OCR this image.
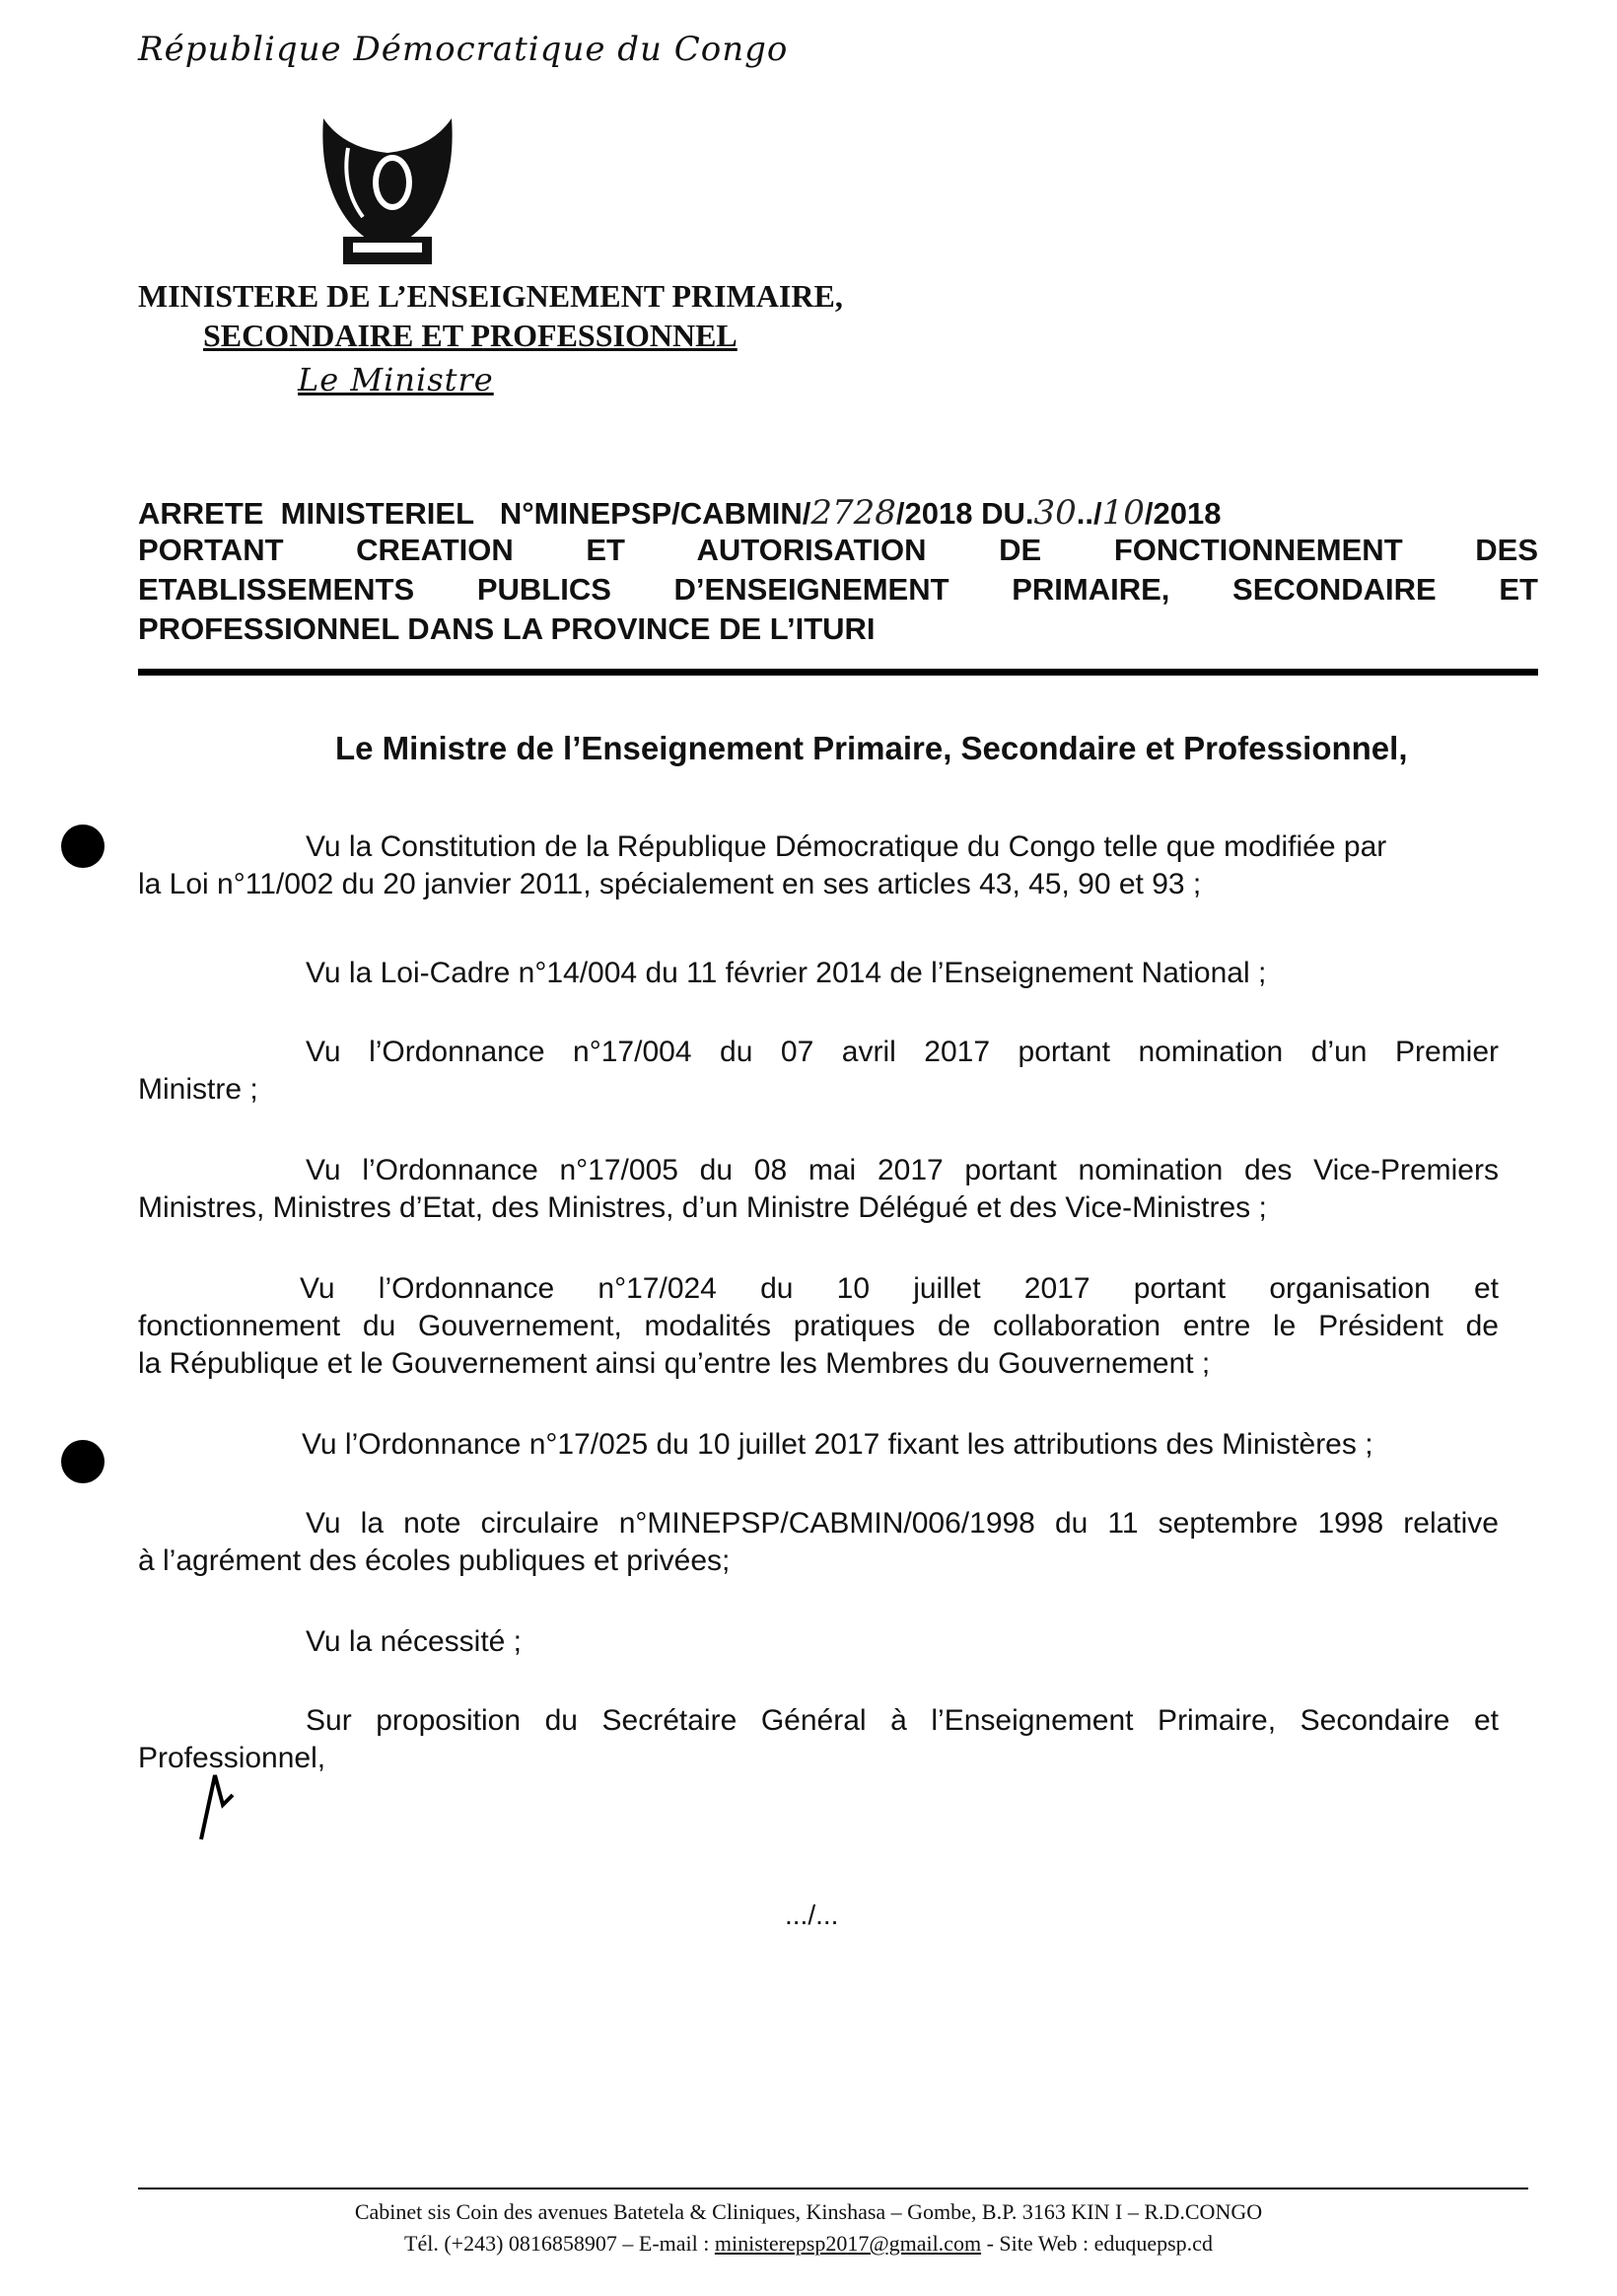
République Démocratique du Congo
MINISTERE DE L’ENSEIGNEMENT PRIMAIRE,
SECONDAIRE ET PROFESSIONNEL
Le Ministre
ARRETE  MINISTERIEL   N°MINEPSP/CABMIN/2728/2018 DU.30../10/2018
PORTANT CREATION ET AUTORISATION DE FONCTIONNEMENT DES
ETABLISSEMENTS PUBLICS D’ENSEIGNEMENT PRIMAIRE, SECONDAIRE ET
PROFESSIONNEL DANS LA PROVINCE DE L’ITURI
Le Ministre de l’Enseignement Primaire, Secondaire et Professionnel,

Vu la Constitution de la République Démocratique du Congo telle que modifiée par

la Loi n°11/002 du 20 janvier 2011, spécialement en ses articles 43, 45, 90 et 93 ;

Vu la Loi-Cadre n°14/004 du 11 février 2014 de l’Enseignement National ;

Vu l’Ordonnance n°17/004 du 07 avril 2017 portant nomination d’un Premier

Ministre ;

Vu l’Ordonnance n°17/005 du 08 mai 2017 portant nomination des Vice-Premiers

Ministres, Ministres d’Etat, des Ministres, d’un Ministre Délégué et des Vice-Ministres ;

Vu l’Ordonnance n°17/024 du 10 juillet 2017 portant organisation et

fonctionnement du Gouvernement, modalités pratiques de collaboration entre le Président de

la République et le Gouvernement ainsi qu’entre les Membres du Gouvernement ;

Vu l’Ordonnance n°17/025 du 10 juillet 2017 fixant les attributions des Ministères ;

Vu la note circulaire n°MINEPSP/CABMIN/006/1998 du 11 septembre 1998 relative

à l’agrément des écoles publiques et privées;

Vu la nécessité ;

Sur proposition du Secrétaire Général à l’Enseignement Primaire, Secondaire et

Professionnel,

.../...
Cabinet sis Coin des avenues Batetela & Cliniques, Kinshasa – Gombe, B.P. 3163 KIN I – R.D.CONGO
Tél. (+243) 0816858907 – E-mail : ministerepsp2017@gmail.com - Site Web : eduquepsp.cd
